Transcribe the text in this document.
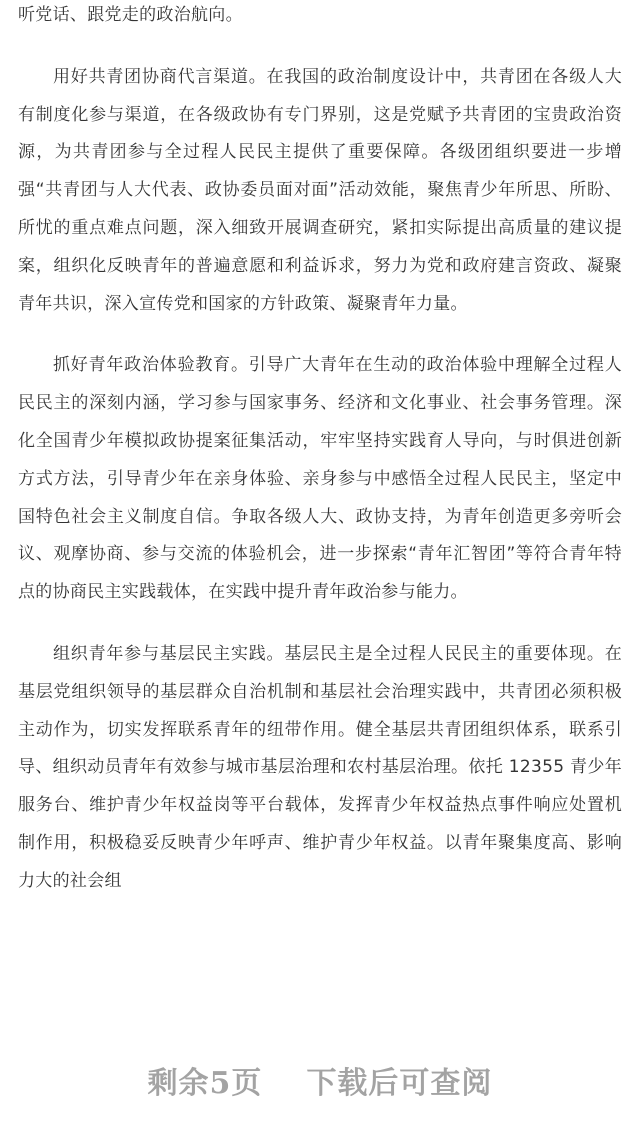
听党话、跟党走的政治航向。

用好共青团协商代言渠道。在我国的政治制度设计中，共青团在各级人大有制度化参与渠道，在各级政协有专门界别，这是党赋予共青团的宝贵政治资源，为共青团参与全过程人民民主提供了重要保障。各级团组织要进一步增强“共青团与人大代表、政协委员面对面”活动效能，聚焦青少年所思、所盼、所忧的重点难点问题，深入细致开展调查研究，紧扣实际提出高质量的建议提案，组织化反映青年的普遍意愿和利益诉求，努力为党和政府建言资政、凝聚青年共识，深入宣传党和国家的方针政策、凝聚青年力量。

抓好青年政治体验教育。引导广大青年在生动的政治体验中理解全过程人民民主的深刻内涵，学习参与国家事务、经济和文化事业、社会事务管理。深化全国青少年模拟政协提案征集活动，牢牢坚持实践育人导向，与时俱进创新方式方法，引导青少年在亲身体验、亲身参与中感悟全过程人民民主，坚定中国特色社会主义制度自信。争取各级人大、政协支持，为青年创造更多旁听会议、观摩协商、参与交流的体验机会，进一步探索“青年汇智团”等符合青年特点的协商民主实践载体，在实践中提升青年政治参与能力。

组织青年参与基层民主实践。基层民主是全过程人民民主的重要体现。在基层党组织领导的基层群众自治机制和基层社会治理实践中，共青团必须积极主动作为，切实发挥联系青年的纽带作用。健全基层共青团组织体系，联系引导、组织动员青年有效参与城市基层治理和农村基层治理。依托 12355 青少年服务台、维护青少年权益岗等平台载体，发挥青少年权益热点事件响应处置机制作用，积极稳妥反映青少年呼声、维护青少年权益。以青年聚集度高、影响力大的社会组

剩余5页 下载后可查阅
